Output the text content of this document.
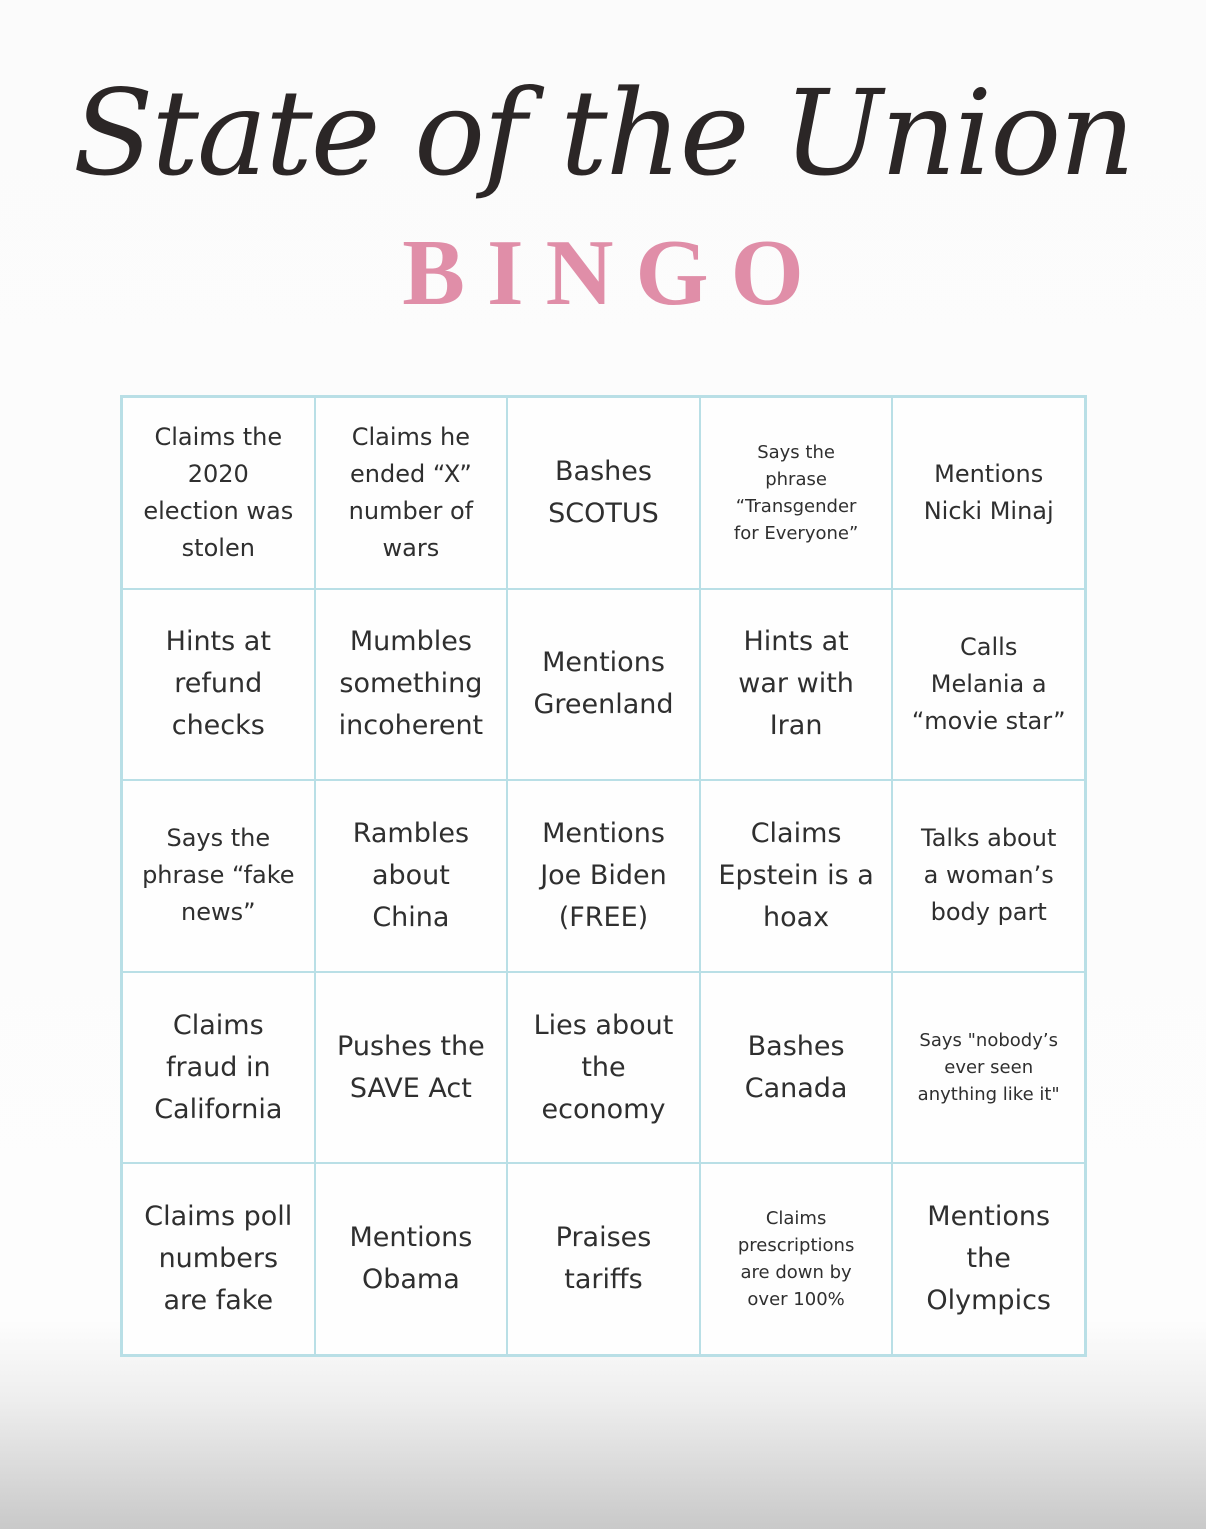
State of the Union
BINGO
Claims the
2020
election was
stolen
Claims he
ended “X”
number of
wars
Bashes
SCOTUS
Says the
phrase
“Transgender
for Everyone”
Mentions
Nicki Minaj
Hints at
refund
checks
Mumbles
something
incoherent
Mentions
Greenland
Hints at
war with
Iran
Calls
Melania a
“movie star”
Says the
phrase “fake
news”
Rambles
about
China
Mentions
Joe Biden
(FREE)
Claims
Epstein is a
hoax
Talks about
a woman’s
body part
Claims
fraud in
California
Pushes the
SAVE Act
Lies about
the
economy
Bashes
Canada
Says "nobody’s
ever seen
anything like it"
Claims poll
numbers
are fake
Mentions
Obama
Praises
tariffs
Claims
prescriptions
are down by
over 100%
Mentions
the
Olympics
